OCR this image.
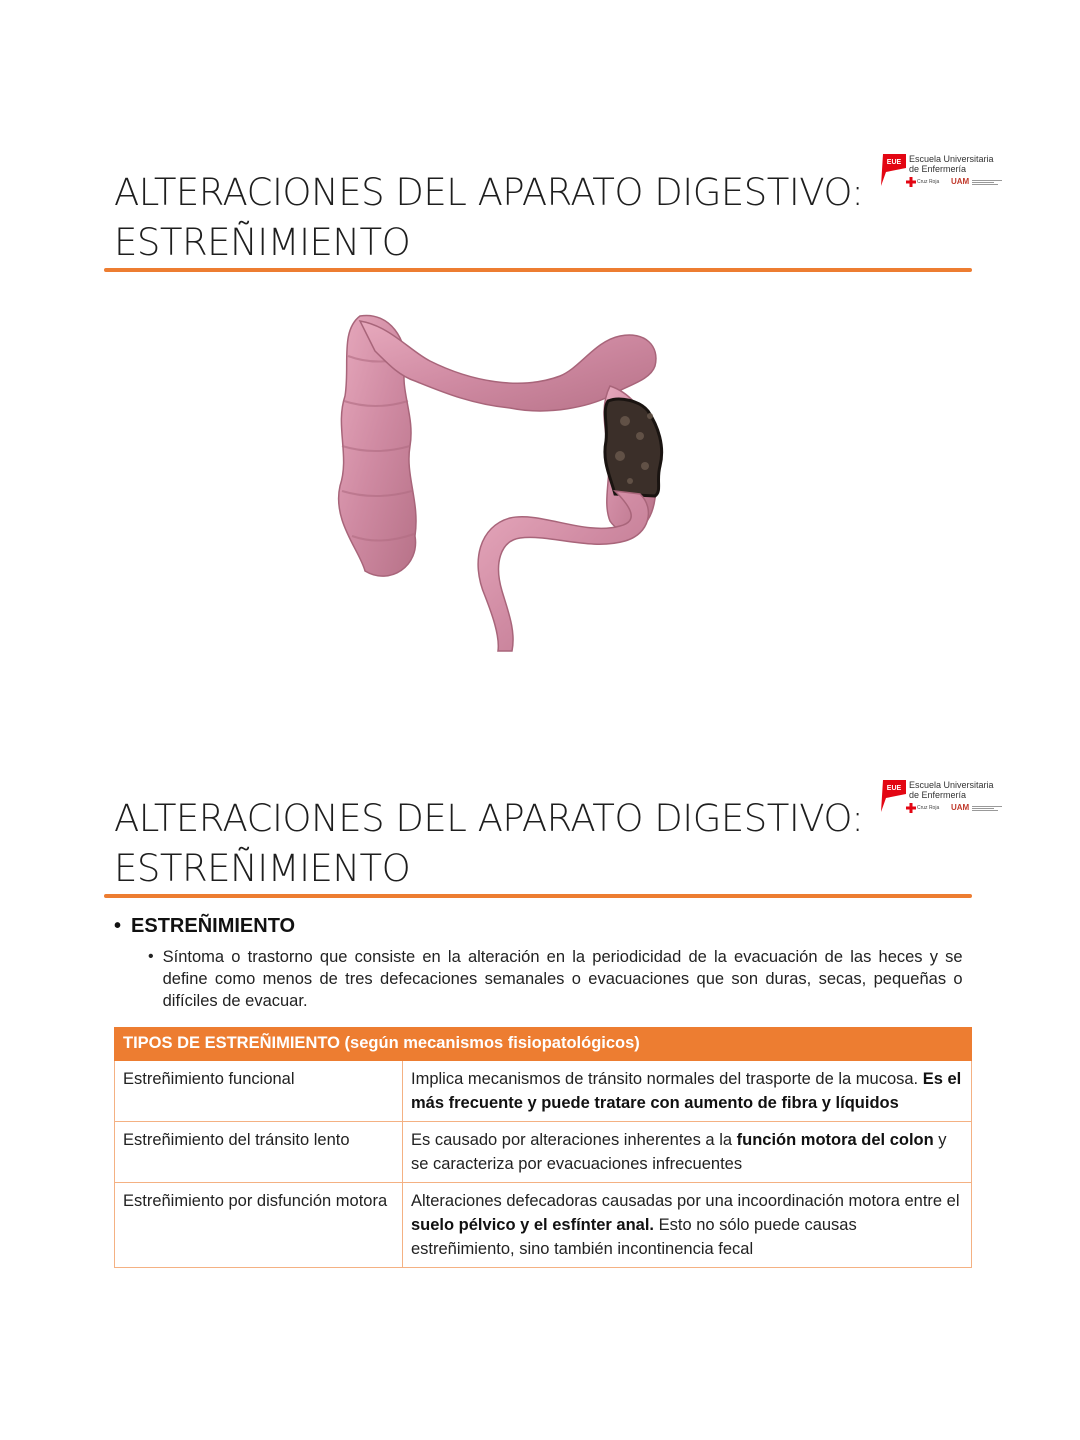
ALTERACIONES DEL APARATO DIGESTIVO:
ESTREÑIMIENTO
EUE Escuela Universitaria
de Enfermería
Cruz Roja UAM
ALTERACIONES DEL APARATO DIGESTIVO:
ESTREÑIMIENTO
EUE Escuela Universitaria
de Enfermería
Cruz Roja UAM
• ESTREÑIMIENTO
• Síntoma o trastorno que consiste en la alteración en la periodicidad de la evacuación de las heces y se define como menos de tres defecaciones semanales o evacuaciones que son duras, secas, pequeñas o difíciles de evacuar.

TIPOS DE ESTREÑIMIENTO (según mecanismos fisiopatológicos)	
Estreñimiento funcional	Implica mecanismos de tránsito normales del trasporte de la mucosa. Es el más frecuente y puede tratare con aumento de fibra y líquidos
Estreñimiento del tránsito lento	Es causado por alteraciones inherentes a la función motora del colon y se caracteriza por evacuaciones infrecuentes
Estreñimiento por disfunción motora	Alteraciones defecadoras causadas por una incoordinación motora entre el suelo pélvico y el esfínter anal. Esto no sólo puede causas estreñimiento, sino también incontinencia fecal
